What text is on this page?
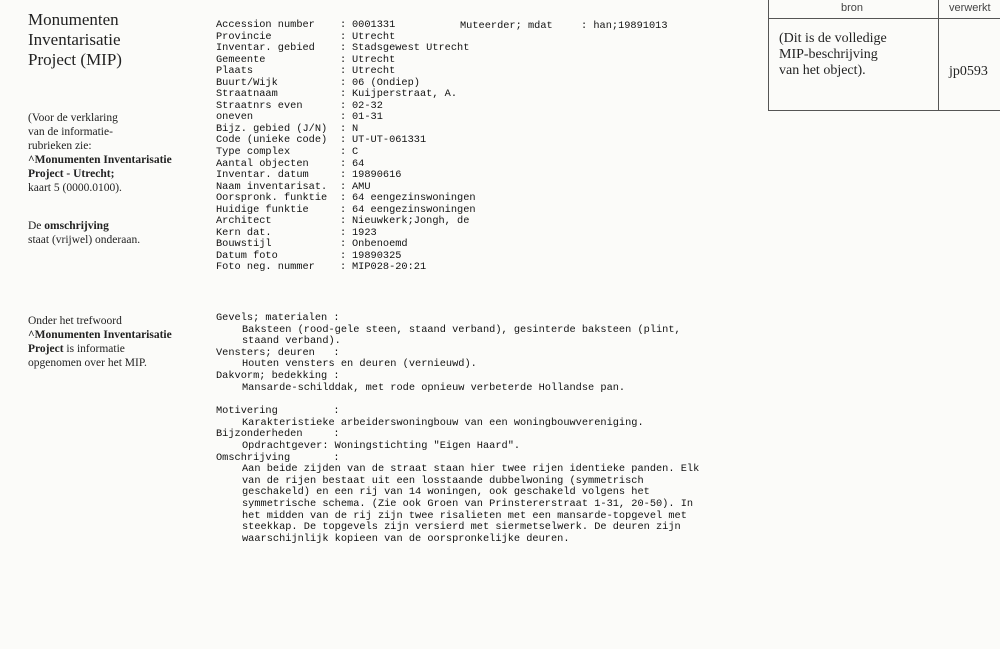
Monumenten
Inventarisatie
Project (MIP)
(Voor de verklaring
van de informatie-
rubrieken zie:
^Monumenten Inventarisatie
Project - Utrecht;
kaart 5 (0000.0100).
De omschrijving
staat (vrijwel) onderaan.
Onder het trefwoord
^Monumenten Inventarisatie
Project is informatie
opgenomen over het MIP.
Muteerder; mdat	: han;19891013
Accession number	: 0001331
Provincie	: Utrecht
Inventar. gebied	: Stadsgewest Utrecht
Gemeente	: Utrecht
Plaats	: Utrecht
Buurt/Wijk	: 06 (Ondiep)
Straatnaam	: Kuijperstraat, A.
Straatnrs even	: 02-32
oneven	: 01-31
Bijz. gebied (J/N)	: N
Code (unieke code)	: UT-UT-061331
Type complex	: C
Aantal objecten	: 64
Inventar. datum	: 19890616
Naam inventarisat.	: AMU
Oorspronk. funktie	: 64 eengezinswoningen
Huidige funktie	: 64 eengezinswoningen
Architect	: Nieuwkerk;Jongh, de
Kern dat.	: 1923
Bouwstijl	: Onbenoemd
Datum foto	: 19890325
Foto neg. nummer	: MIP028-20:21
Gevels; materialen :
Baksteen (rood-gele steen, staand verband), gesinterde baksteen (plint,
staand verband).
Vensters; deuren   :
Houten vensters en deuren (vernieuwd).
Dakvorm; bedekking :
Mansarde-schilddak, met rode opnieuw verbeterde Hollandse pan.
Motivering         :
Karakteristieke arbeiderswoningbouw van een woningbouwvereniging.
Bijzonderheden     :
Opdrachtgever: Woningstichting "Eigen Haard".
Omschrijving       :
Aan beide zijden van de straat staan hier twee rijen identieke panden. Elk
van de rijen bestaat uit een losstaande dubbelwoning (symmetrisch
geschakeld) en een rij van 14 woningen, ook geschakeld volgens het
symmetrische schema. (Zie ook Groen van Prinstererstraat 1-31, 20-50). In
het midden van de rij zijn twee risalieten met een mansarde-topgevel met
steekkap. De topgevels zijn versierd met siermetselwerk. De deuren zijn
waarschijnlijk kopieen van de oorspronkelijke deuren.
bron	verwerkt
(Dit is de volledige
MIP-beschrijving
van het object).	jp0593
